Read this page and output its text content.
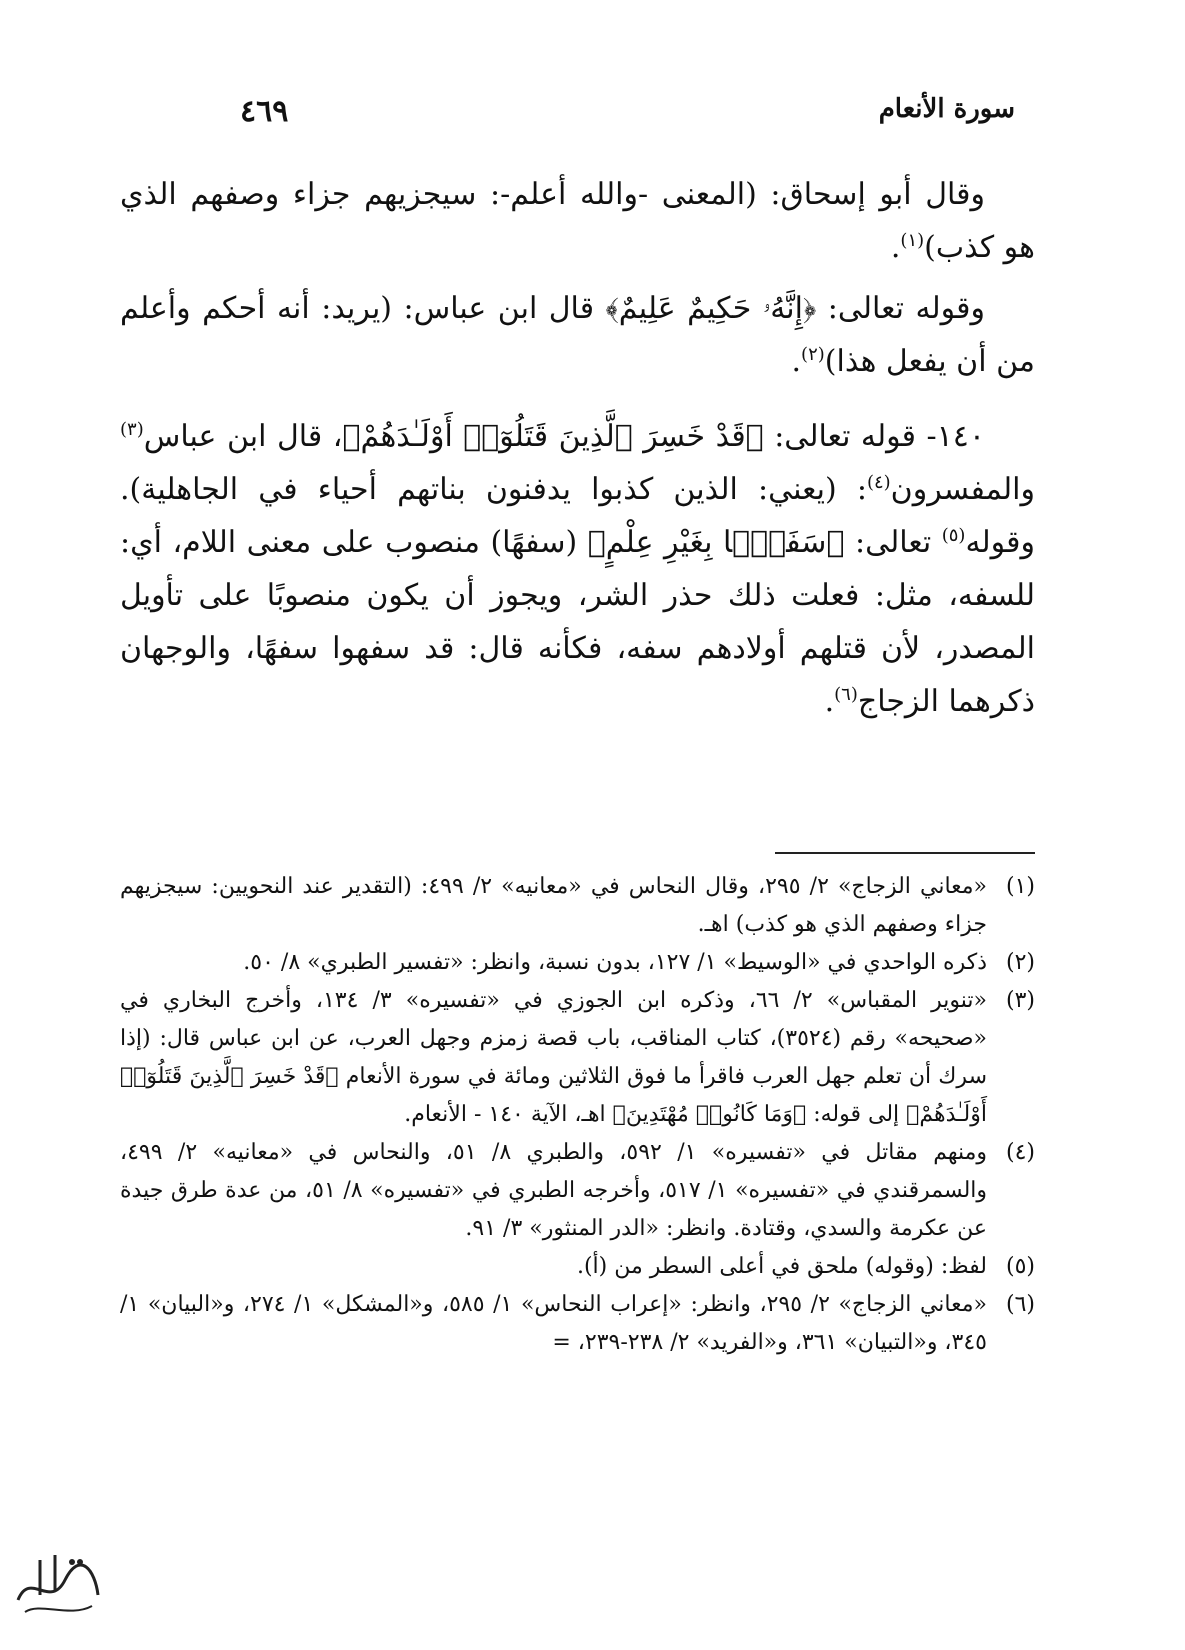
سورة الأنعام
٤٦٩

وقال أبو إسحاق: (المعنى -والله أعلم-: سيجزيهم جزاء وصفهم الذي هو كذب)$^{(١)}$.

وقوله تعالى: ﴿إِنَّهُۥ حَكِيمٌ عَلِيمٌ﴾ قال ابن عباس: (يريد: أنه أحكم وأعلم من أن يفعل هذا)$^{(٢)}$.

١٤٠- قوله تعالى: ﴿قَدْ خَسِرَ ٱلَّذِينَ قَتَلُوٓا۟ أَوْلَـٰدَهُمْ﴾، قال ابن عباس$^{(٣)}$ والمفسرون$^{(٤)}$: (يعني: الذين كذبوا يدفنون بناتهم أحياء في الجاهلية). وقوله$^{(٥)}$ تعالى: ﴿سَفَهًۢا بِغَيْرِ عِلْمٍ﴾ (سفهًا) منصوب على معنى اللام، أي: للسفه، مثل: فعلت ذلك حذر الشر، ويجوز أن يكون منصوبًا على تأويل المصدر، لأن قتلهم أولادهم سفه، فكأنه قال: قد سفهوا سفهًا، والوجهان ذكرهما الزجاج$^{(٦)}$.

(١)
«معاني الزجاج» ٢/ ٢٩٥، وقال النحاس في «معانيه» ٢/ ٤٩٩: (التقدير عند النحويين: سيجزيهم جزاء وصفهم الذي هو كذب) اهـ.
(٢)
ذكره الواحدي في «الوسيط» ١/ ١٢٧، بدون نسبة، وانظر: «تفسير الطبري» ٨/ ٥٠.
(٣)
«تنوير المقباس» ٢/ ٦٦، وذكره ابن الجوزي في «تفسيره» ٣/ ١٣٤، وأخرج البخاري في «صحيحه» رقم (٣٥٢٤)، كتاب المناقب، باب قصة زمزم وجهل العرب، عن ابن عباس قال: (إذا سرك أن تعلم جهل العرب فاقرأ ما فوق الثلاثين ومائة في سورة الأنعام ﴿قَدْ خَسِرَ ٱلَّذِينَ قَتَلُوٓا۟ أَوْلَـٰدَهُمْ﴾ إلى قوله: ﴿وَمَا كَانُوا۟ مُهْتَدِينَ﴾ اهـ، الآية ١٤٠ - الأنعام.
(٤)
ومنهم مقاتل في «تفسيره» ١/ ٥٩٢، والطبري ٨/ ٥١، والنحاس في «معانيه» ٢/ ٤٩٩، والسمرقندي في «تفسيره» ١/ ٥١٧، وأخرجه الطبري في «تفسيره» ٨/ ٥١، من عدة طرق جيدة عن عكرمة والسدي، وقتادة. وانظر: «الدر المنثور» ٣/ ٩١.
(٥)
لفظ: (وقوله) ملحق في أعلى السطر من (أ).
(٦)
«معاني الزجاج» ٢/ ٢٩٥، وانظر: «إعراب النحاس» ١/ ٥٨٥، و«المشكل» ١/ ٢٧٤، و«البيان» ١/ ٣٤٥، و«التبيان» ٣٦١، و«الفريد» ٢/ ٢٣٨-٢٣٩، =
